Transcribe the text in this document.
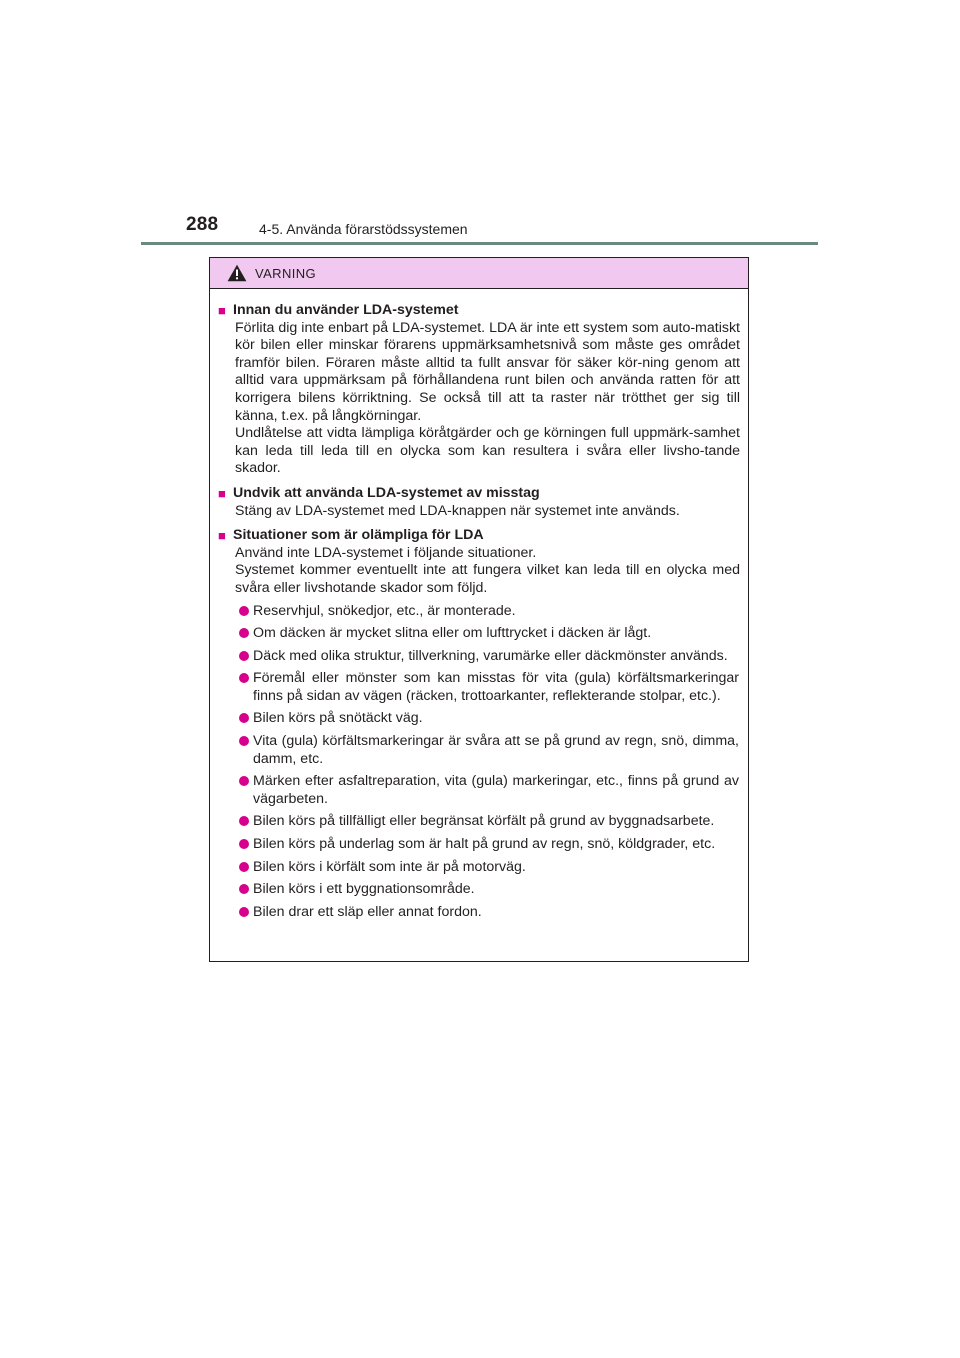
288	4-5. Använda förarstödssystemen
VARNING
■ Innan du använder LDA-systemet
Förlita dig inte enbart på LDA-systemet. LDA är inte ett system som auto-matiskt kör bilen eller minskar förarens uppmärksamhetsnivå som måste ges området framför bilen. Föraren måste alltid ta fullt ansvar för säker kör-ning genom att alltid vara uppmärksam på förhållandena runt bilen och använda ratten för att korrigera bilens körriktning. Se också till att ta raster när trötthet ger sig till känna, t.ex. på långkörningar.
Undlåtelse att vidta lämpliga köråtgärder och ge körningen full uppmärk-samhet kan leda till leda till en olycka som kan resultera i svåra eller livsho-tande skador.
■ Undvik att använda LDA-systemet av misstag
Stäng av LDA-systemet med LDA-knappen när systemet inte används.
■ Situationer som är olämpliga för LDA
Använd inte LDA-systemet i följande situationer.
Systemet kommer eventuellt inte att fungera vilket kan leda till en olycka med svåra eller livshotande skador som följd.
Reservhjul, snökedjor, etc., är monterade.
Om däcken är mycket slitna eller om lufttrycket i däcken är lågt.
Däck med olika struktur, tillverkning, varumärke eller däckmönster används.
Föremål eller mönster som kan misstas för vita (gula) körfältsmarkeringar finns på sidan av vägen (räcken, trottoarkanter, reflekterande stolpar, etc.).
Bilen körs på snötäckt väg.
Vita (gula) körfältsmarkeringar är svåra att se på grund av regn, snö, dimma, damm, etc.
Märken efter asfaltreparation, vita (gula) markeringar, etc., finns på grund av vägarbeten.
Bilen körs på tillfälligt eller begränsat körfält på grund av byggnadsarbete.
Bilen körs på underlag som är halt på grund av regn, snö, köldgrader, etc.
Bilen körs i körfält som inte är på motorväg.
Bilen körs i ett byggnationsområde.
Bilen drar ett släp eller annat fordon.
